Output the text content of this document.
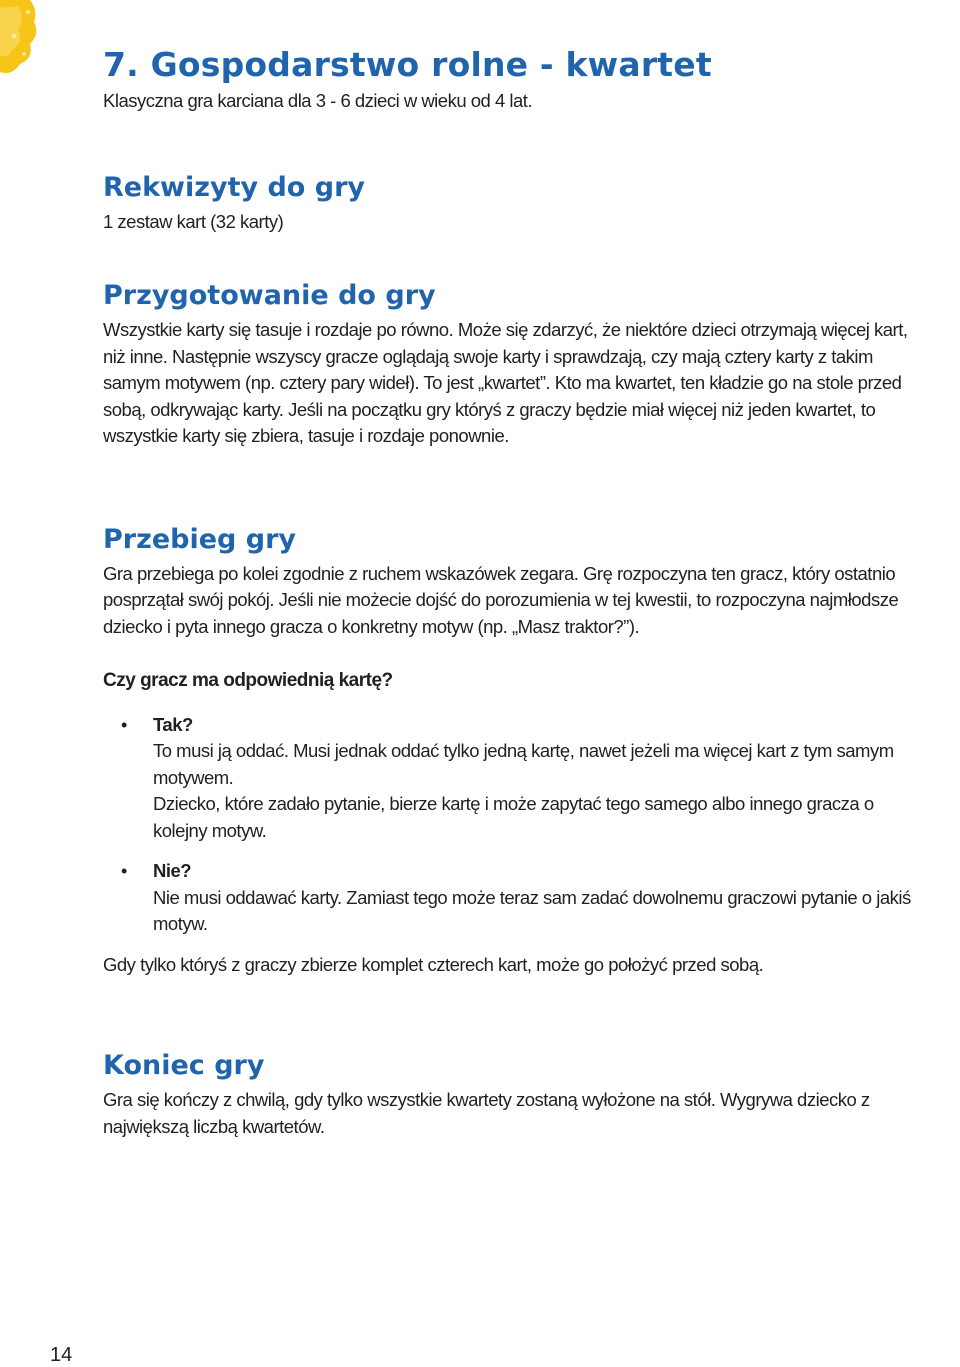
7. Gospodarstwo rolne - kwartet

Klasyczna gra karciana dla 3 - 6 dzieci w wieku od 4 lat.

Rekwizyty do gry

1 zestaw kart (32 karty)

Przygotowanie do gry

Wszystkie karty się tasuje i rozdaje po równo. Może się zdarzyć, że niektóre dzieci otrzymają więcej kart, niż inne. Następnie wszyscy gracze oglądają swoje karty i sprawdzają, czy mają cztery karty z takim samym motywem (np. cztery pary wideł). To jest „kwartet”. Kto ma kwartet, ten kładzie go na stole przed sobą, odkrywając karty. Jeśli na początku gry któryś z graczy będzie miał więcej niż jeden kwartet, to wszystkie karty się zbiera, tasuje i rozdaje ponownie.

Przebieg gry

Gra przebiega po kolei zgodnie z ruchem wskazówek zegara. Grę rozpoczyna ten gracz, który ostatnio posprzątał swój pokój. Jeśli nie możecie dojść do porozumienia w tej kwestii, to rozpoczyna najmłodsze dziecko i pyta innego gracza o konkretny motyw (np. „Masz traktor?”).

Czy gracz ma odpowiednią kartę?

• Tak?

To musi ją oddać. Musi jednak oddać tylko jedną kartę, nawet jeżeli ma więcej kart z tym samym motywem.

Dziecko, które zadało pytanie, bierze kartę i może zapytać tego samego albo innego gracza o kolejny motyw.

• Nie?

Nie musi oddawać karty. Zamiast tego może teraz sam zadać dowolnemu graczowi pytanie o jakiś motyw.

Gdy tylko któryś z graczy zbierze komplet czterech kart, może go położyć przed sobą.

Koniec gry

Gra się kończy z chwilą, gdy tylko wszystkie kwartety zostaną wyłożone na stół. Wygrywa dziecko z największą liczbą kwartetów.

14
